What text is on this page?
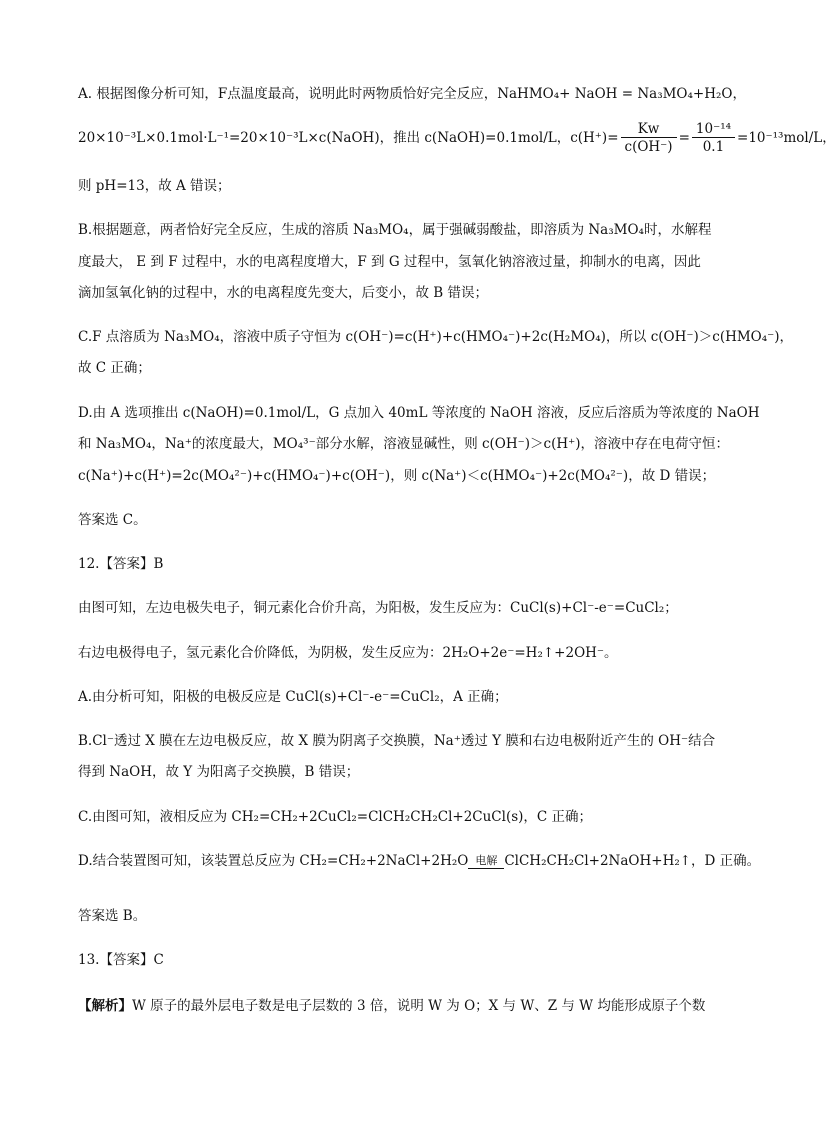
A. 根据图像分析可知，F点温度最高，说明此时两物质恰好完全反应，NaHMO₄+ NaOH = Na₃MO₄+H₂O，
20×10⁻³L×0.1mol·L⁻¹=20×10⁻³L×c(NaOH)，推出 c(NaOH)=0.1mol/L，$c(H^+)= \frac{Kw}{c(OH^-)} = \frac{\text{10⁻¹⁴}}{0.1} =10^{-13}mol/L$，
则 pH=13，故 A 错误；
B.根据题意，两者恰好完全反应，生成的溶质 Na₃MO₄，属于强碱弱酸盐，即溶质为 Na₃MO₄时，水解程
度最大， E 到 F 过程中，水的电离程度增大，F 到 G 过程中，氢氧化钠溶液过量，抑制水的电离，因此
滴加氢氧化钠的过程中，水的电离程度先变大，后变小，故 B 错误；
C.F 点溶质为 Na₃MO₄，溶液中质子守恒为 c(OH⁻)=c(H⁺)+c(HMO₄⁻)+2c(H₂MO₄)，所以 c(OH⁻)＞c(HMO₄⁻)，
故 C 正确；
D.由 A 选项推出 c(NaOH)=0.1mol/L，G 点加入 40mL 等浓度的 NaOH 溶液，反应后溶质为等浓度的 NaOH
和 Na₃MO₄，Na⁺的浓度最大，MO₄³⁻部分水解，溶液显碱性，则 c(OH⁻)＞c(H⁺)，溶液中存在电荷守恒：
c(Na⁺)+c(H⁺)=2c(MO₄²⁻)+c(HMO₄⁻)+c(OH⁻)，则 c(Na⁺)＜c(HMO₄⁻)+2c(MO₄²⁻)，故 D 错误；
答案选 C。
12.【答案】B
由图可知，左边电极失电子，铜元素化合价升高，为阳极，发生反应为：CuCl(s)+Cl⁻-e⁻=CuCl₂；
右边电极得电子，氢元素化合价降低，为阴极，发生反应为：2H₂O+2e⁻=H₂↑+2OH⁻。
A.由分析可知，阳极的电极反应是 CuCl(s)+Cl⁻-e⁻=CuCl₂，A 正确；
B.Cl⁻透过 X 膜在左边电极反应，故 X 膜为阴离子交换膜，Na⁺透过 Y 膜和右边电极附近产生的 OH⁻结合
得到 NaOH，故 Y 为阳离子交换膜，B 错误；
C.由图可知，液相反应为 CH₂=CH₂+2CuCl₂=ClCH₂CH₂Cl+2CuCl(s)，C 正确；
D.结合装置图可知，该装置总反应为 CH₂=CH₂+2NaCl+2H₂O 电解 ClCH₂CH₂Cl+2NaOH+H₂↑，D 正确。
答案选 B。
13.【答案】C
【解析】W 原子的最外层电子数是电子层数的 3 倍，说明 W 为 O；X 与 W、Z 与 W 均能形成原子个数
